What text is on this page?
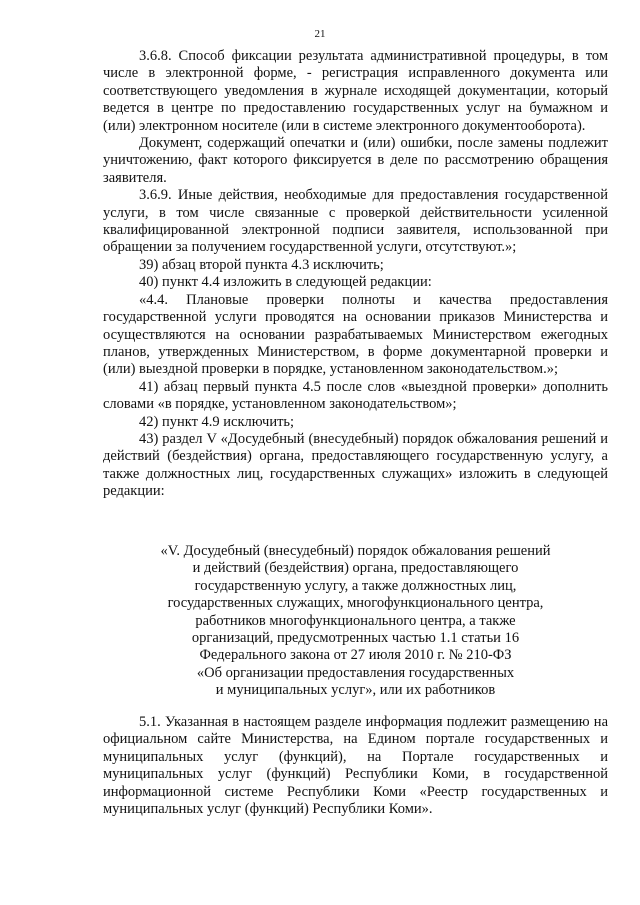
21

3.6.8. Способ фиксации результата административной процедуры, в том числе в электронной форме, - регистрация исправленного документа или соответствующего уведомления в журнале исходящей документации, который ведется в центре по предоставлению государственных услуг на бумажном и (или) электронном носителе (или в системе электронного документооборота).

Документ, содержащий опечатки и (или) ошибки, после замены подлежит уничтожению, факт которого фиксируется в деле по рассмотрению обращения заявителя.

3.6.9. Иные действия, необходимые для предоставления государственной услуги, в том числе связанные с проверкой действительности усиленной квалифицированной электронной подписи заявителя, использованной при обращении за получением государственной услуги, отсутствуют.»;

39) абзац второй пункта 4.3 исключить;

40) пункт 4.4 изложить в следующей редакции:

«4.4. Плановые проверки полноты и качества предоставления государственной услуги проводятся на основании приказов Министерства и осуществляются на основании разрабатываемых Министерством ежегодных планов, утвержденных Министерством, в форме документарной проверки и (или) выездной проверки в порядке, установленном законодательством.»;

41) абзац первый пункта 4.5 после слов «выездной проверки» дополнить словами «в порядке, установленном законодательством»;

42) пункт 4.9 исключить;

43) раздел V «Досудебный (внесудебный) порядок обжалования решений и действий (бездействия) органа, предоставляющего государственную услугу, а также должностных лиц, государственных служащих» изложить в следующей редакции:

«V. Досудебный (внесудебный) порядок обжалования решений
и действий (бездействия) органа, предоставляющего
государственную услугу, а также должностных лиц,
государственных служащих, многофункционального центра,
работников многофункционального центра, а также
организаций, предусмотренных частью 1.1 статьи 16
Федерального закона от 27 июля 2010 г. № 210-ФЗ
«Об организации предоставления государственных
и муниципальных услуг», или их работников

5.1. Указанная в настоящем разделе информация подлежит размещению на официальном сайте Министерства, на Едином портале государственных и муниципальных услуг (функций), на Портале государственных и муниципальных услуг (функций) Республики Коми, в государственной информационной системе Республики Коми «Реестр государственных и муниципальных услуг (функций) Республики Коми».
